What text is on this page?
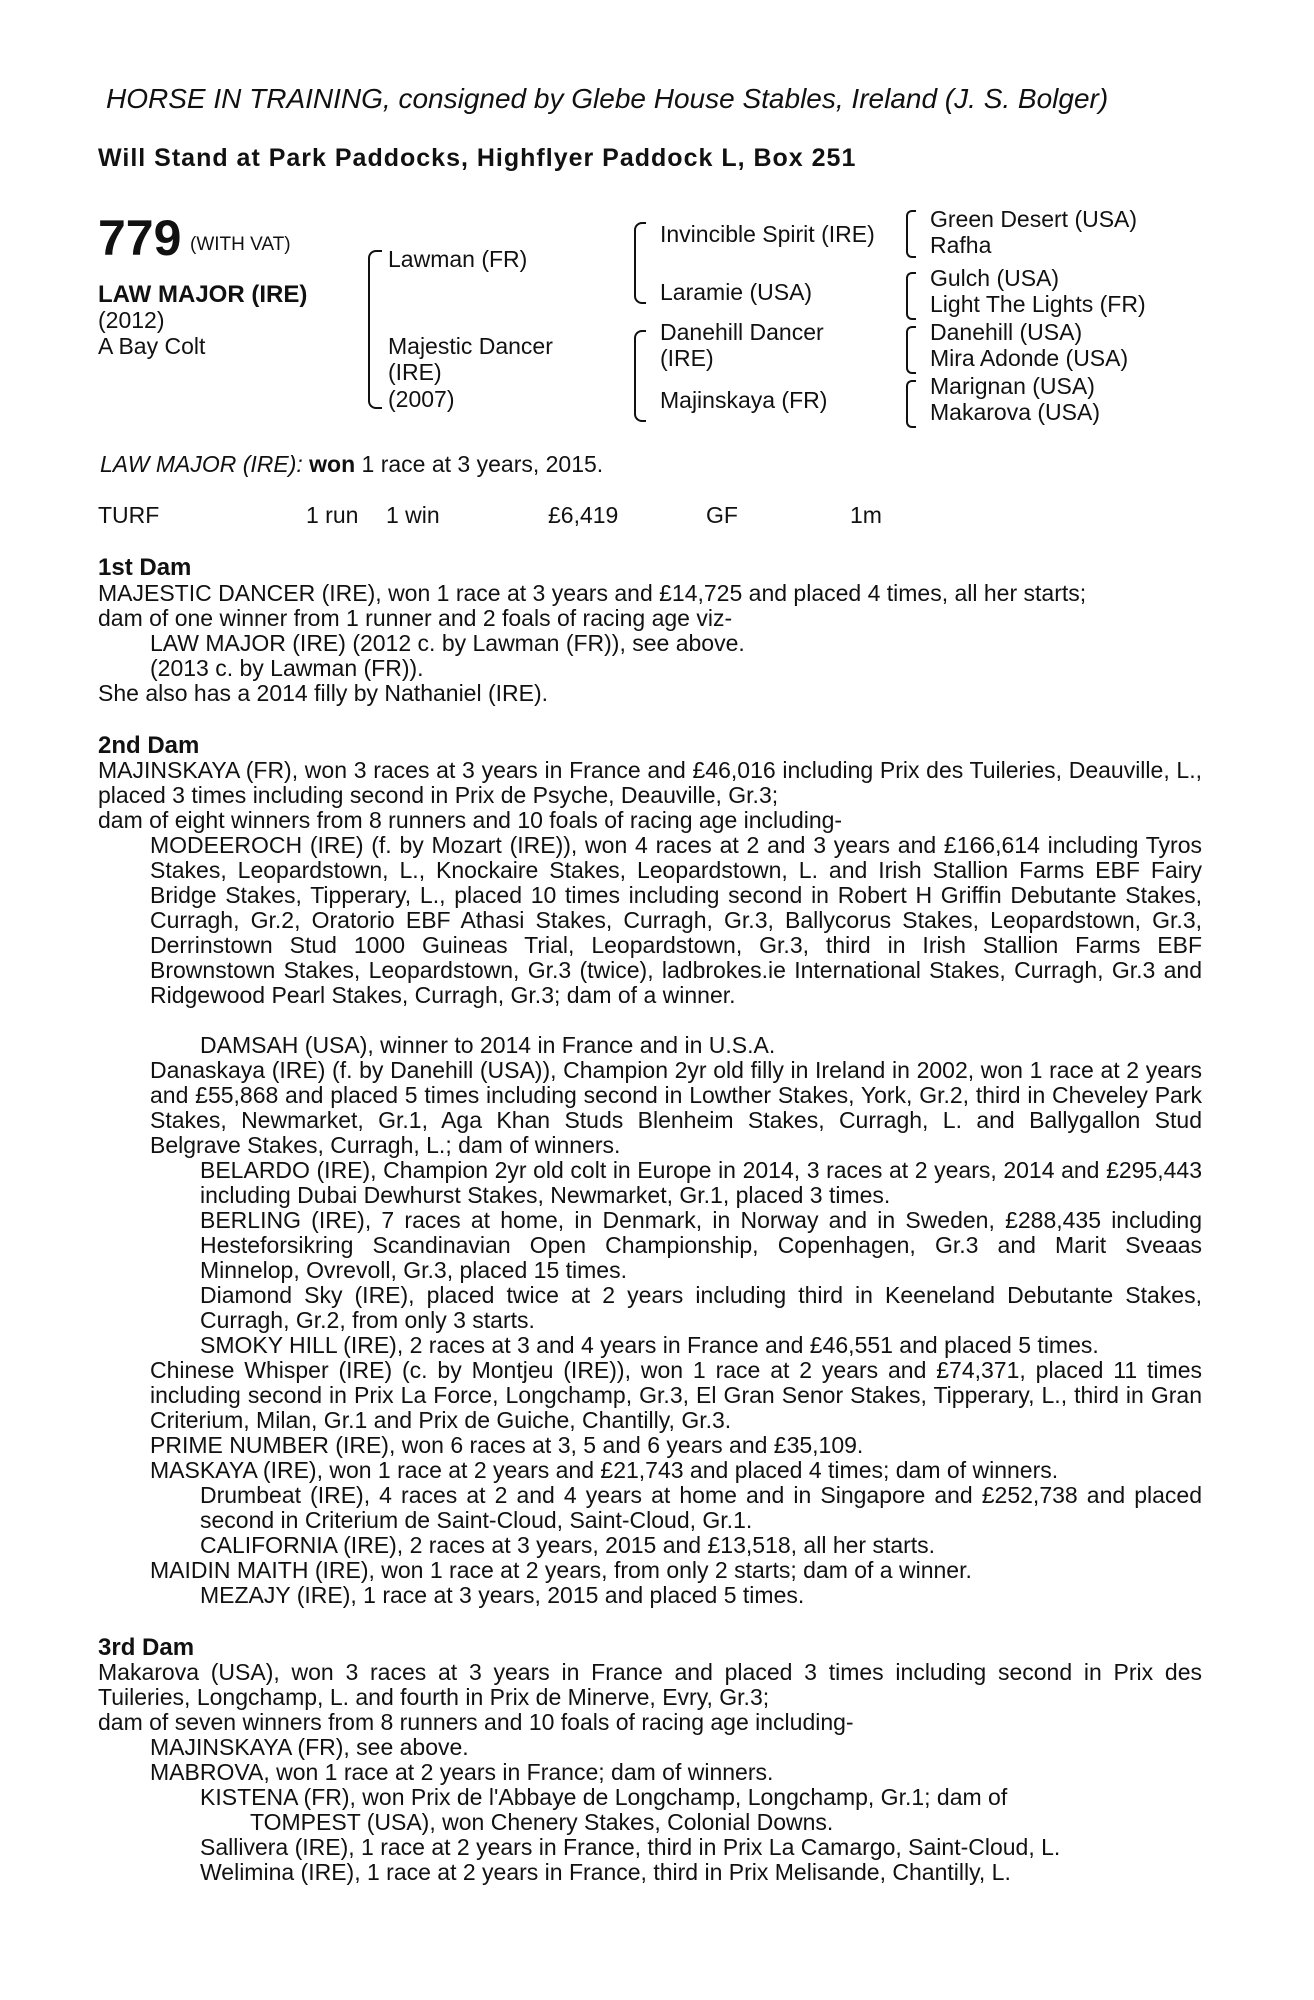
HORSE IN TRAINING, consigned by Glebe House Stables, Ireland (J. S. Bolger)
Will Stand at Park Paddocks, Highflyer Paddock L, Box 251
779 (WITH VAT)
LAW MAJOR (IRE)
(2012)
A Bay Colt
Lawman (FR)
Majestic Dancer
(IRE)
(2007)
Invincible Spirit (IRE)
Laramie (USA)
Danehill Dancer
(IRE)
Majinskaya (FR)
Green Desert (USA)
Rafha
Gulch (USA)
Light The Lights (FR)
Danehill (USA)
Mira Adonde (USA)
Marignan (USA)
Makarova (USA)
LAW MAJOR (IRE): won 1 race at 3 years, 2015.
TURF	1 run 1 win	£6,419	GF	1m
1st Dam
MAJESTIC DANCER (IRE), won 1 race at 3 years and £14,725 and placed 4 times, all her starts;
dam of one winner from 1 runner and 2 foals of racing age viz-
LAW MAJOR (IRE) (2012 c. by Lawman (FR)), see above.
(2013 c. by Lawman (FR)).
She also has a 2014 filly by Nathaniel (IRE).
2nd Dam
MAJINSKAYA (FR), won 3 races at 3 years in France and £46,016 including Prix des Tuileries, Deauville, L., placed 3 times including second in Prix de Psyche, Deauville, Gr.3;
dam of eight winners from 8 runners and 10 foals of racing age including-
MODEEROCH (IRE) (f. by Mozart (IRE)), won 4 races at 2 and 3 years and £166,614 including Tyros Stakes, Leopardstown, L., Knockaire Stakes, Leopardstown, L. and Irish Stallion Farms EBF Fairy Bridge Stakes, Tipperary, L., placed 10 times including second in Robert H Griffin Debutante Stakes, Curragh, Gr.2, Oratorio EBF Athasi Stakes, Curragh, Gr.3, Ballycorus Stakes, Leopardstown, Gr.3, Derrinstown Stud 1000 Guineas Trial, Leopardstown, Gr.3, third in Irish Stallion Farms EBF Brownstown Stakes, Leopardstown, Gr.3 (twice), ladbrokes.ie International Stakes, Curragh, Gr.3 and Ridgewood Pearl Stakes, Curragh, Gr.3; dam of a winner.
DAMSAH (USA), winner to 2014 in France and in U.S.A.
Danaskaya (IRE) (f. by Danehill (USA)), Champion 2yr old filly in Ireland in 2002, won 1 race at 2 years and £55,868 and placed 5 times including second in Lowther Stakes, York, Gr.2, third in Cheveley Park Stakes, Newmarket, Gr.1, Aga Khan Studs Blenheim Stakes, Curragh, L. and Ballygallon Stud Belgrave Stakes, Curragh, L.; dam of winners.
BELARDO (IRE), Champion 2yr old colt in Europe in 2014, 3 races at 2 years, 2014 and £295,443 including Dubai Dewhurst Stakes, Newmarket, Gr.1, placed 3 times.
BERLING (IRE), 7 races at home, in Denmark, in Norway and in Sweden, £288,435 including Hesteforsikring Scandinavian Open Championship, Copenhagen, Gr.3 and Marit Sveaas Minnelop, Ovrevoll, Gr.3, placed 15 times.
Diamond Sky (IRE), placed twice at 2 years including third in Keeneland Debutante Stakes, Curragh, Gr.2, from only 3 starts.
SMOKY HILL (IRE), 2 races at 3 and 4 years in France and £46,551 and placed 5 times.
Chinese Whisper (IRE) (c. by Montjeu (IRE)), won 1 race at 2 years and £74,371, placed 11 times including second in Prix La Force, Longchamp, Gr.3, El Gran Senor Stakes, Tipperary, L., third in Gran Criterium, Milan, Gr.1 and Prix de Guiche, Chantilly, Gr.3.
PRIME NUMBER (IRE), won 6 races at 3, 5 and 6 years and £35,109.
MASKAYA (IRE), won 1 race at 2 years and £21,743 and placed 4 times; dam of winners.
Drumbeat (IRE), 4 races at 2 and 4 years at home and in Singapore and £252,738 and placed second in Criterium de Saint-Cloud, Saint-Cloud, Gr.1.
CALIFORNIA (IRE), 2 races at 3 years, 2015 and £13,518, all her starts.
MAIDIN MAITH (IRE), won 1 race at 2 years, from only 2 starts; dam of a winner.
MEZAJY (IRE), 1 race at 3 years, 2015 and placed 5 times.
3rd Dam
Makarova (USA), won 3 races at 3 years in France and placed 3 times including second in Prix des Tuileries, Longchamp, L. and fourth in Prix de Minerve, Evry, Gr.3;
dam of seven winners from 8 runners and 10 foals of racing age including-
MAJINSKAYA (FR), see above.
MABROVA, won 1 race at 2 years in France; dam of winners.
KISTENA (FR), won Prix de l'Abbaye de Longchamp, Longchamp, Gr.1; dam of
TOMPEST (USA), won Chenery Stakes, Colonial Downs.
Sallivera (IRE), 1 race at 2 years in France, third in Prix La Camargo, Saint-Cloud, L.
Welimina (IRE), 1 race at 2 years in France, third in Prix Melisande, Chantilly, L.
